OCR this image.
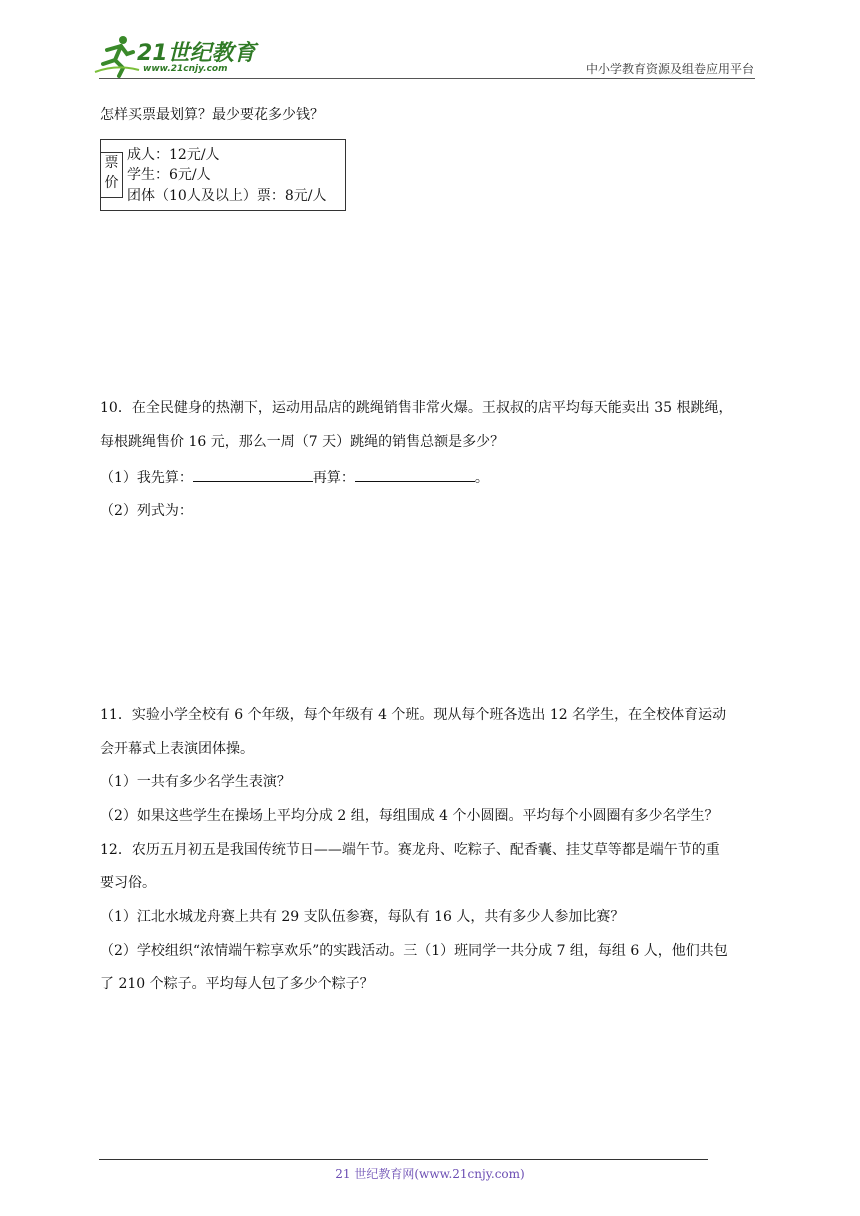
21世纪教育
www.21cnjy.com	中小学教育资源及组卷应用平台
怎样买票最划算？最少要花多少钱？
票
价
成人：12元/人
学生：6元/人
团体（10人及以上）票：8元/人
10．在全民健身的热潮下，运动用品店的跳绳销售非常火爆。王叔叔的店平均每天能卖出 35 根跳绳，
每根跳绳售价 16 元，那么一周（7 天）跳绳的销售总额是多少？
（1）我先算：	再算：	。
（2）列式为：
11．实验小学全校有 6 个年级，每个年级有 4 个班。现从每个班各选出 12 名学生，在全校体育运动
会开幕式上表演团体操。
（1）一共有多少名学生表演？
（2）如果这些学生在操场上平均分成 2 组，每组围成 4 个小圆圈。平均每个小圆圈有多少名学生？
12．农历五月初五是我国传统节日——端午节。赛龙舟、吃粽子、配香囊、挂艾草等都是端午节的重
要习俗。
（1）江北水城龙舟赛上共有 29 支队伍参赛，每队有 16 人，共有多少人参加比赛？
（2）学校组织“浓情端午粽享欢乐”的实践活动。三（1）班同学一共分成 7 组，每组 6 人，他们共包
了 210 个粽子。平均每人包了多少个粽子？
21 世纪教育网(www.21cnjy.com)
